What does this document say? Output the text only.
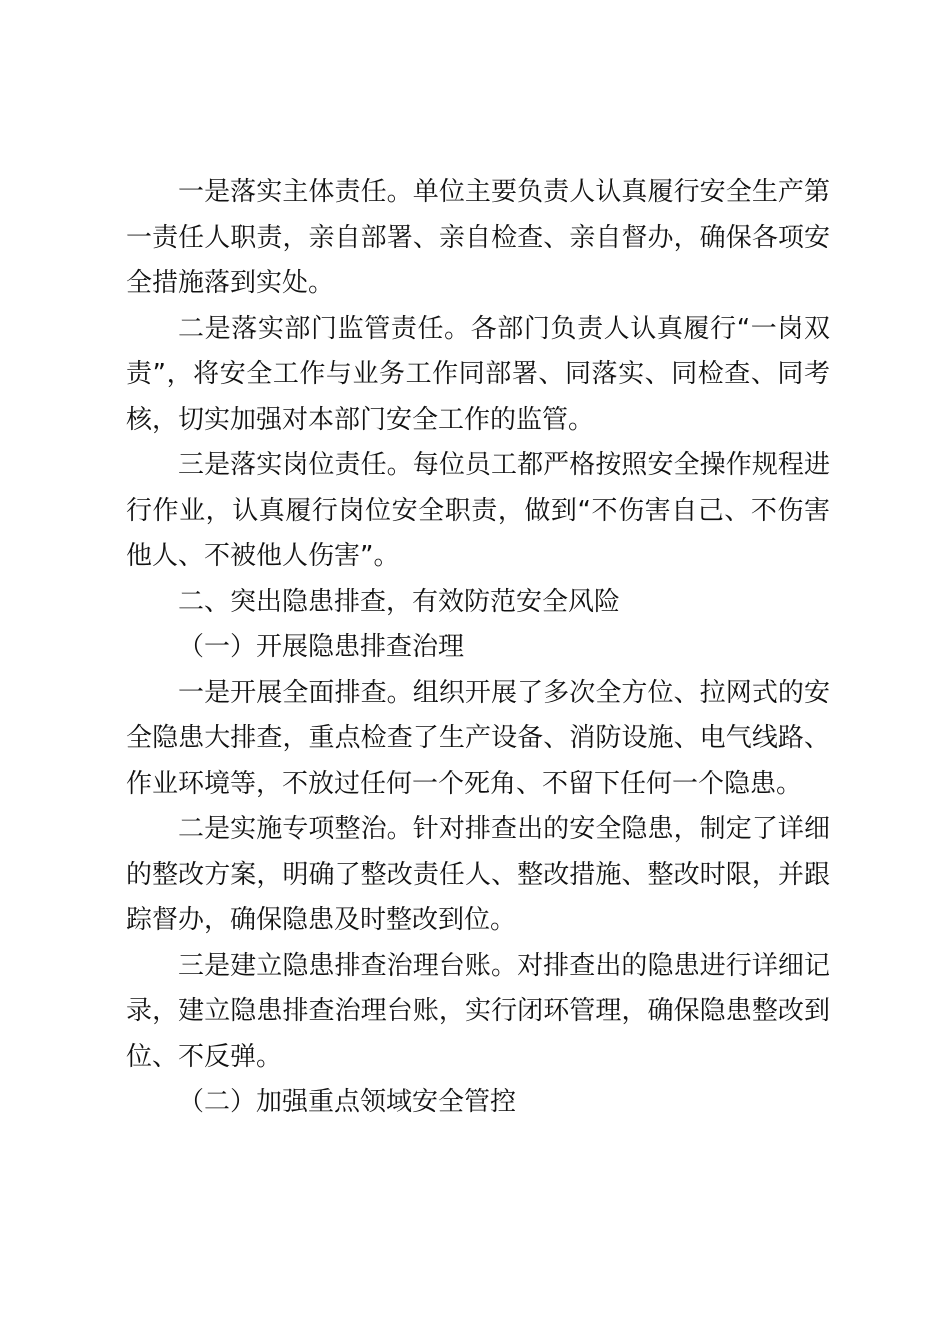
一是落实主体责任。单位主要负责人认真履行安全生产第一责任人职责，亲自部署、亲自检查、亲自督办，确保各项安全措施落到实处。

二是落实部门监管责任。各部门负责人认真履行“一岗双责”，将安全工作与业务工作同部署、同落实、同检查、同考核，切实加强对本部门安全工作的监管。

三是落实岗位责任。每位员工都严格按照安全操作规程进行作业，认真履行岗位安全职责，做到“不伤害自己、不伤害他人、不被他人伤害”。

二、突出隐患排查，有效防范安全风险

（一）开展隐患排查治理

一是开展全面排查。组织开展了多次全方位、拉网式的安全隐患大排查，重点检查了生产设备、消防设施、电气线路、作业环境等，不放过任何一个死角、不留下任何一个隐患。

二是实施专项整治。针对排查出的安全隐患，制定了详细的整改方案，明确了整改责任人、整改措施、整改时限，并跟踪督办，确保隐患及时整改到位。

三是建立隐患排查治理台账。对排查出的隐患进行详细记录，建立隐患排查治理台账，实行闭环管理，确保隐患整改到位、不反弹。

（二）加强重点领域安全管控
